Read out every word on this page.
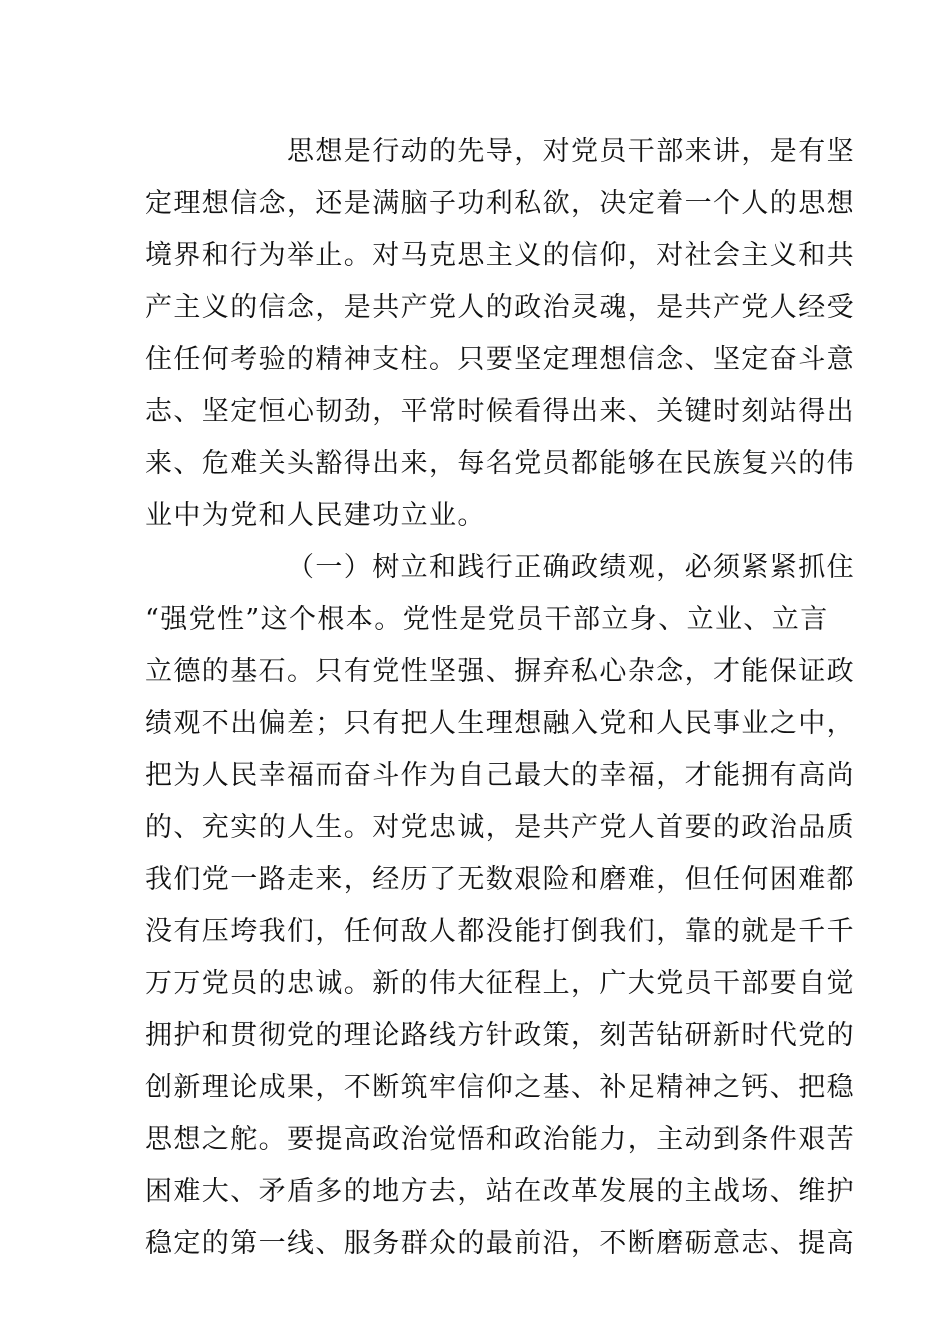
思想是行动的先导，对党员干部来讲，是有坚
定理想信念，还是满脑子功利私欲，决定着一个人的思想
境界和行为举止。对马克思主义的信仰，对社会主义和共
产主义的信念，是共产党人的政治灵魂，是共产党人经受
住任何考验的精神支柱。只要坚定理想信念、坚定奋斗意
志、坚定恒心韧劲，平常时候看得出来、关键时刻站得出
来、危难关头豁得出来，每名党员都能够在民族复兴的伟
业中为党和人民建功立业。
（一）树立和践行正确政绩观，必须紧紧抓住
“强党性”这个根本。党性是党员干部立身、立业、立言
立德的基石。只有党性坚强、摒弃私心杂念，才能保证政
绩观不出偏差；只有把人生理想融入党和人民事业之中，
把为人民幸福而奋斗作为自己最大的幸福，才能拥有高尚
的、充实的人生。对党忠诚，是共产党人首要的政治品质
我们党一路走来，经历了无数艰险和磨难，但任何困难都
没有压垮我们，任何敌人都没能打倒我们，靠的就是千千
万万党员的忠诚。新的伟大征程上，广大党员干部要自觉
拥护和贯彻党的理论路线方针政策，刻苦钻研新时代党的
创新理论成果，不断筑牢信仰之基、补足精神之钙、把稳
思想之舵。要提高政治觉悟和政治能力，主动到条件艰苦
困难大、矛盾多的地方去，站在改革发展的主战场、维护
稳定的第一线、服务群众的最前沿，不断磨砺意志、提高
